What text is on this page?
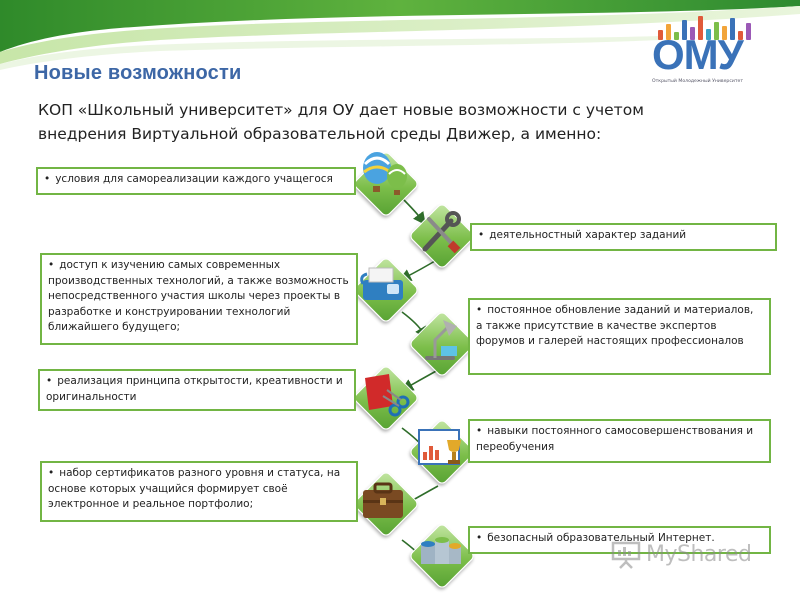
ОМУ
Открытый Молодежный Университет
Новые возможности
КОП «Школьный университет» для ОУ дает новые возможности с учетом внедрения Виртуальной образовательной среды Движер, а именно:
• условия для самореализации каждого учащегося
• деятельностный характер заданий
• доступ к изучению самых современных производственных технологий, а также возможность непосредственного участия школы через проекты в разработке и конструировании технологий ближайшего будущего;
• постоянное обновление заданий и материалов, а также присутствие в качестве экспертов форумов и галерей настоящих профессионалов
• реализация принципа открытости, креативности и оригинальности
• навыки постоянного самосовершенствования и переобучения
• набор сертификатов разного уровня и статуса, на основе которых учащийся формирует своё электронное и реальное портфолио;
• безопасный образовательный Интернет.
MyShared
